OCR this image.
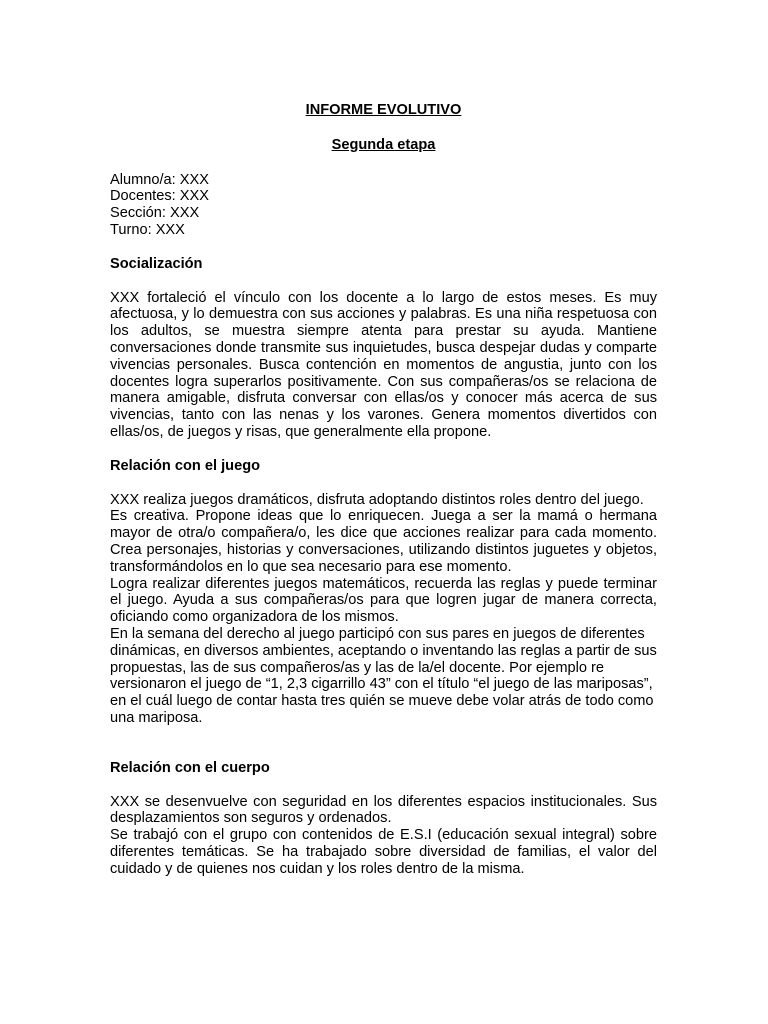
INFORME EVOLUTIVO

Segunda etapa

Alumno/a: XXX
Docentes: XXX
Sección: XXX
Turno: XXX

Socialización

XXX fortaleció el vínculo con los docente a lo largo de estos meses. Es muy afectuosa, y lo demuestra con sus acciones y palabras. Es una niña respetuosa con los adultos, se muestra siempre atenta para prestar su ayuda. Mantiene conversaciones donde transmite sus inquietudes, busca despejar dudas y comparte vivencias personales. Busca contención en momentos de angustia, junto con los docentes logra superarlos positivamente. Con sus compañeras/os se relaciona de manera amigable, disfruta conversar con ellas/os y conocer más acerca de sus vivencias, tanto con las nenas y los varones. Genera momentos divertidos con ellas/os, de juegos y risas, que generalmente ella propone.

Relación con el juego

XXX realiza juegos dramáticos, disfruta adoptando distintos roles dentro del juego.

Es creativa. Propone ideas que lo enriquecen. Juega a ser la mamá o hermana mayor de otra/o compañera/o, les dice que acciones realizar para cada momento. Crea personajes, historias y conversaciones, utilizando distintos juguetes y objetos, transformándolos en lo que sea necesario para ese momento.

Logra realizar diferentes juegos matemáticos, recuerda las reglas y puede terminar el juego. Ayuda a sus compañeras/os para que logren jugar de manera correcta, oficiando como organizadora de los mismos.

En la semana del derecho al juego participó con sus pares en juegos de diferentes dinámicas, en diversos ambientes, aceptando o inventando las reglas a partir de sus propuestas, las de sus compañeros/as y las de la/el docente. Por ejemplo re versionaron el juego de “1, 2,3 cigarrillo 43” con el título “el juego de las mariposas”, en el cuál luego de contar hasta tres quién se mueve debe volar atrás de todo como una mariposa.

Relación con el cuerpo

XXX se desenvuelve con seguridad en los diferentes espacios institucionales. Sus desplazamientos son seguros y ordenados.

Se trabajó con el grupo con contenidos de E.S.I (educación sexual integral) sobre diferentes temáticas. Se ha trabajado sobre diversidad de familias, el valor del cuidado y de quienes nos cuidan y los roles dentro de la misma.
